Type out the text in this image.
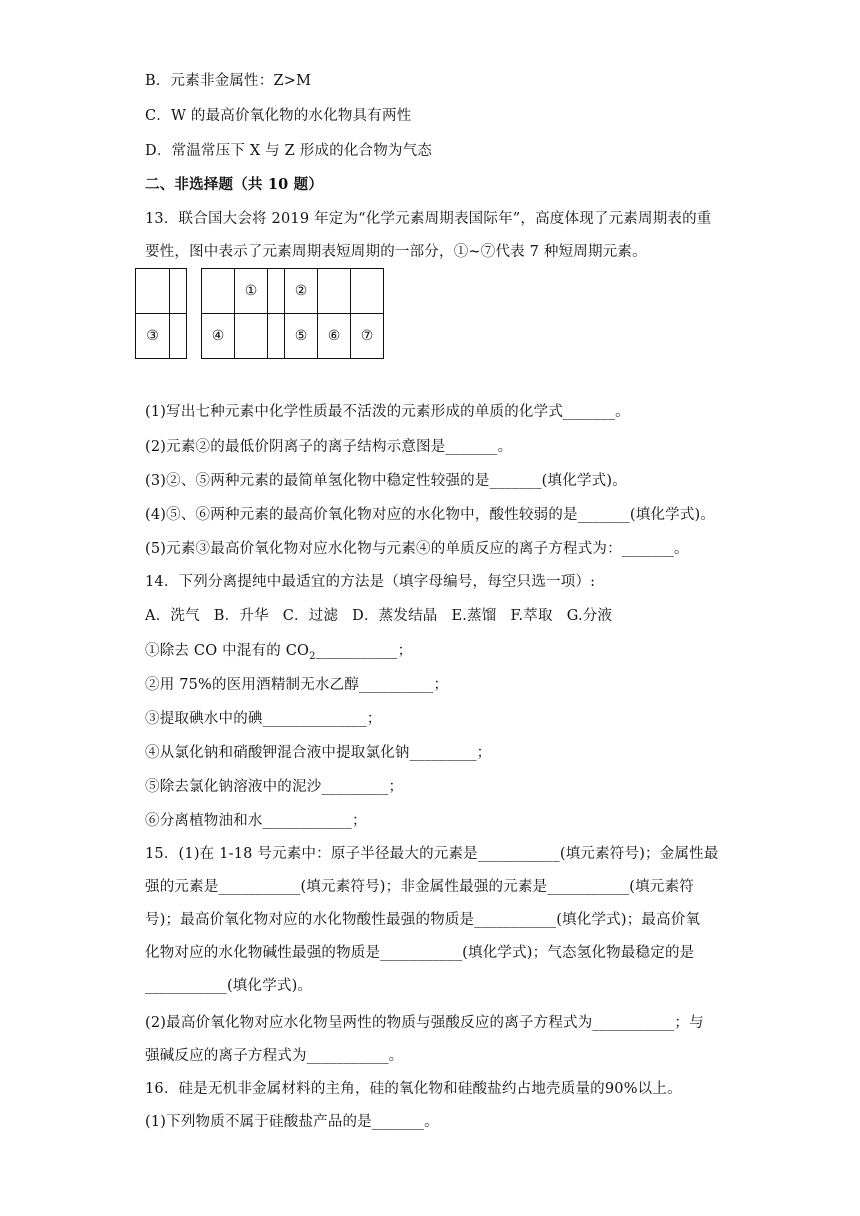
B．元素非金属性：Z>M
C．W 的最高价氧化物的水化物具有两性
D．常温常压下 X 与 Z 形成的化合物为气态
二、非选择题（共 10 题）
13．联合国大会将 2019 年定为“化学元素周期表国际年”，高度体现了元素周期表的重
要性，图中表示了元素周期表短周期的一部分，①~⑦代表 7 种短周期元素。
(1)写出七种元素中化学性质最不活泼的元素形成的单质的化学式_______。
(2)元素②的最低价阴离子的离子结构示意图是_______。
(3)②、⑤两种元素的最简单氢化物中稳定性较强的是_______(填化学式)。
(4)⑤、⑥两种元素的最高价氧化物对应的水化物中，酸性较弱的是_______(填化学式)。
(5)元素③最高价氧化物对应水化物与元素④的单质反应的离子方程式为：_______。
14．下列分离提纯中最适宜的方法是（填字母编号，每空只选一项）:
A．洗气 B．升华 C．过滤 D．蒸发结晶 E.蒸馏 F.萃取 G.分液
①除去 CO 中混有的 $CO_2\_\_\_\_\_\_\_\_\_\_\_$；
②用 75%的医用酒精制无水乙醇__________；
③提取碘水中的碘______________；
④从氯化钠和硝酸钾混合液中提取氯化钠_________；
⑤除去氯化钠溶液中的泥沙_________；
⑥分离植物油和水____________；
15．(1)在 1-18 号元素中：原子半径最大的元素是___________(填元素符号)；金属性最
强的元素是___________(填元素符号)；非金属性最强的元素是___________(填元素符
号)；最高价氧化物对应的水化物酸性最强的物质是___________(填化学式)；最高价氧
化物对应的水化物碱性最强的物质是___________(填化学式)；气态氢化物最稳定的是
___________(填化学式)。
(2)最高价氧化物对应水化物呈两性的物质与强酸反应的离子方程式为___________；与
强碱反应的离子方程式为___________。
16．硅是无机非金属材料的主角，硅的氧化物和硅酸盐约占地壳质量的90%以上。
(1)下列物质不属于硅酸盐产品的是_______。
				①		②		
③			④			⑤	⑥	⑦
